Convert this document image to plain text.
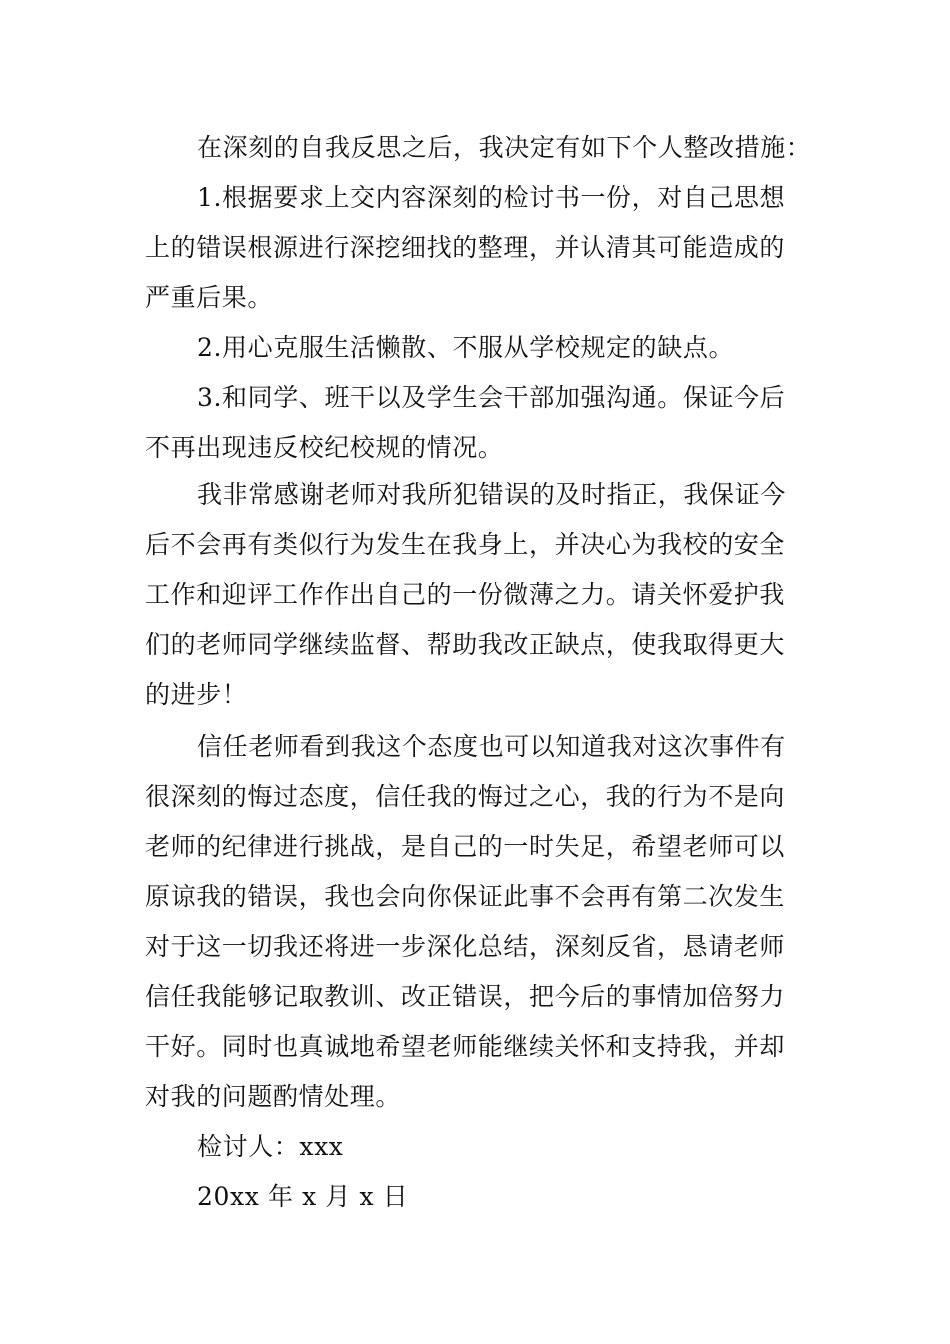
在深刻的自我反思之后，我决定有如下个人整改措施：
1.根据要求上交内容深刻的检讨书一份，对自己思想
上的错误根源进行深挖细找的整理，并认清其可能造成的
严重后果。
2.用心克服生活懒散、不服从学校规定的缺点。
3.和同学、班干以及学生会干部加强沟通。保证今后
不再出现违反校纪校规的情况。
我非常感谢老师对我所犯错误的及时指正，我保证今
后不会再有类似行为发生在我身上，并决心为我校的安全
工作和迎评工作作出自己的一份微薄之力。请关怀爱护我
们的老师同学继续监督、帮助我改正缺点，使我取得更大
的进步！
信任老师看到我这个态度也可以知道我对这次事件有
很深刻的悔过态度，信任我的悔过之心，我的行为不是向
老师的纪律进行挑战，是自己的一时失足，希望老师可以
原谅我的错误，我也会向你保证此事不会再有第二次发生
对于这一切我还将进一步深化总结，深刻反省，恳请老师
信任我能够记取教训、改正错误，把今后的事情加倍努力
干好。同时也真诚地希望老师能继续关怀和支持我，并却
对我的问题酌情处理。
检讨人：xxx
20xx 年 x 月 x 日
